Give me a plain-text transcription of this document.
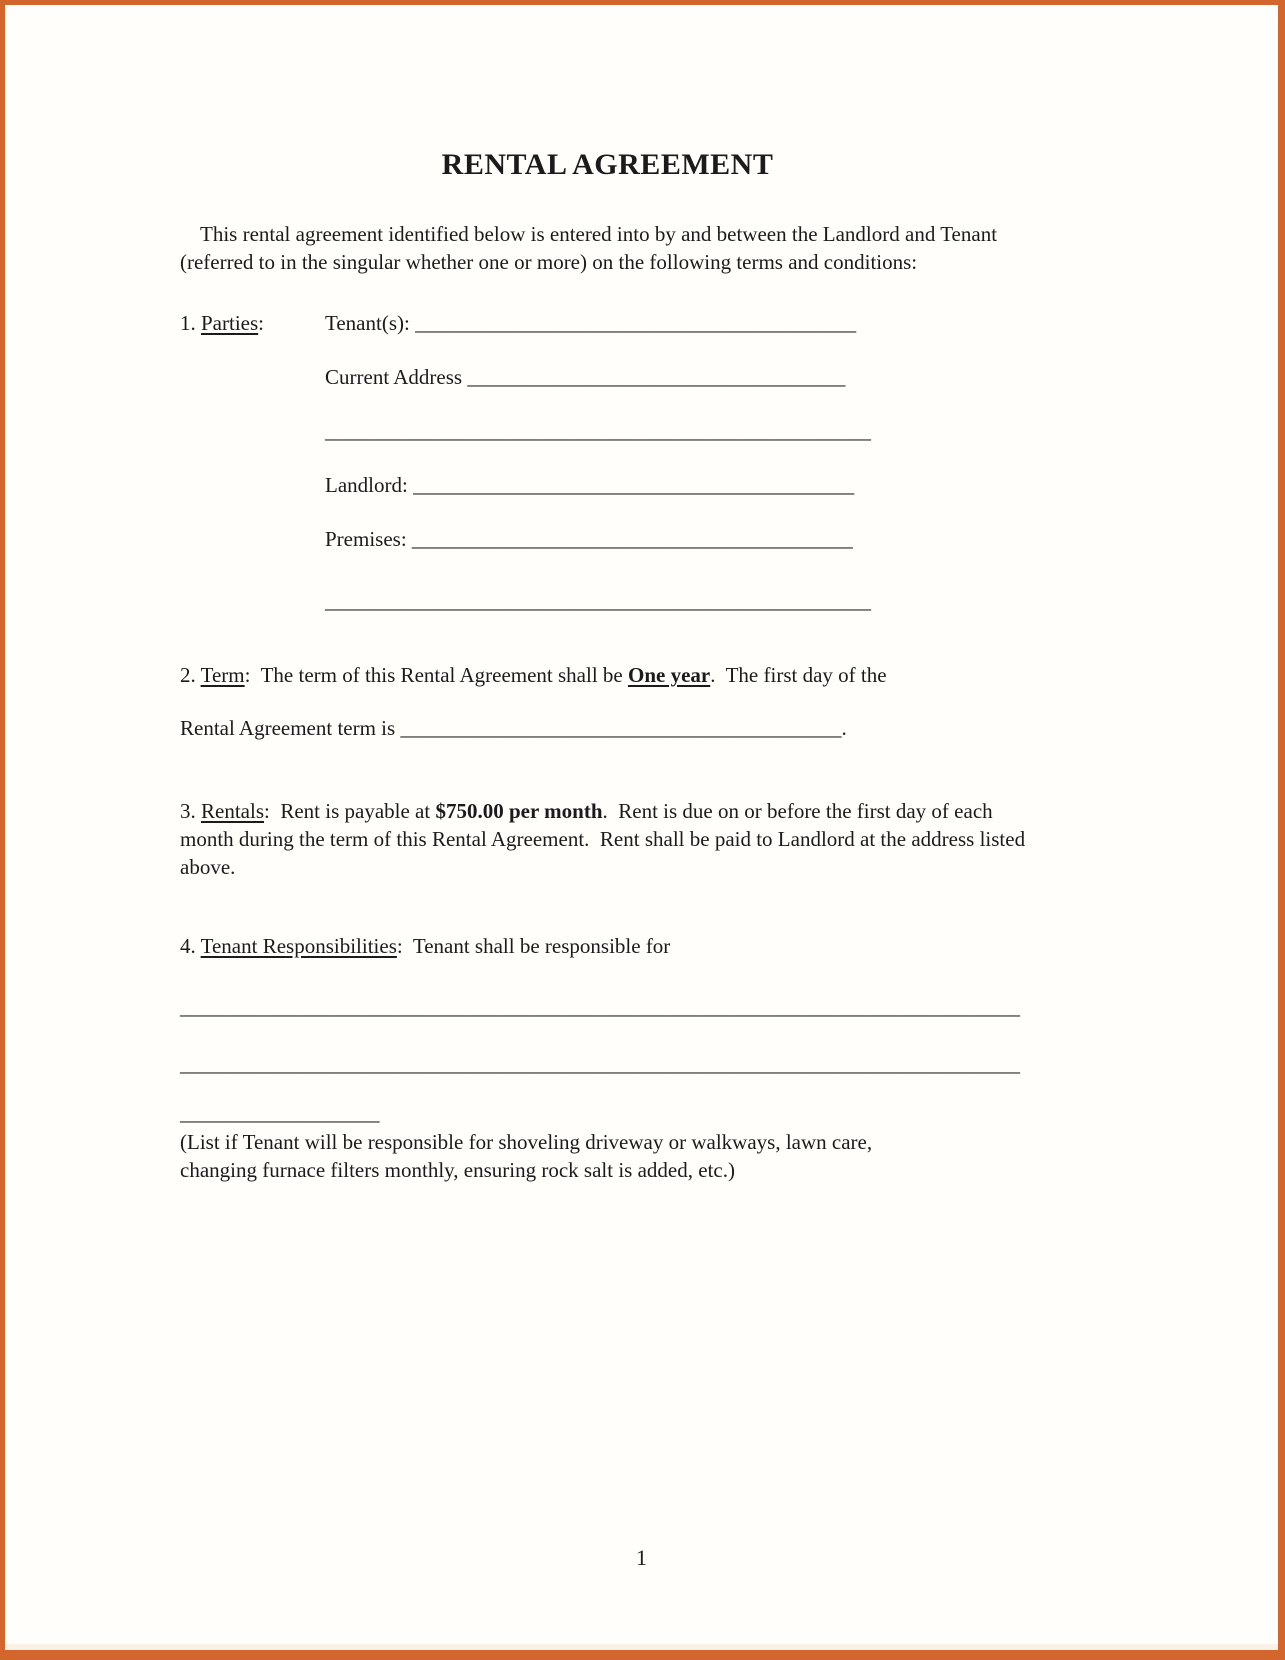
RENTAL AGREEMENT

This rental agreement identified below is entered into by and between the Landlord and Tenant (referred to in the singular whether one or more) on the following terms and conditions:

1. Parties:	Tenant(s): __________________________________________
Current Address ____________________________________
____________________________________________________
Landlord: __________________________________________
Premises: __________________________________________
____________________________________________________

2. Term:  The term of this Rental Agreement shall be One year.  The first day of the

Rental Agreement term is __________________________________________.

3. Rentals:  Rent is payable at $750.00 per month.  Rent is due on or before the first day of each month during the term of this Rental Agreement.  Rent shall be paid to Landlord at the address listed above.

4. Tenant Responsibilities:  Tenant shall be responsible for

________________________________________________________________________________
________________________________________________________________________________
___________________

(List if Tenant will be responsible for shoveling driveway or walkways, lawn care,
changing furnace filters monthly, ensuring rock salt is added, etc.)

1
